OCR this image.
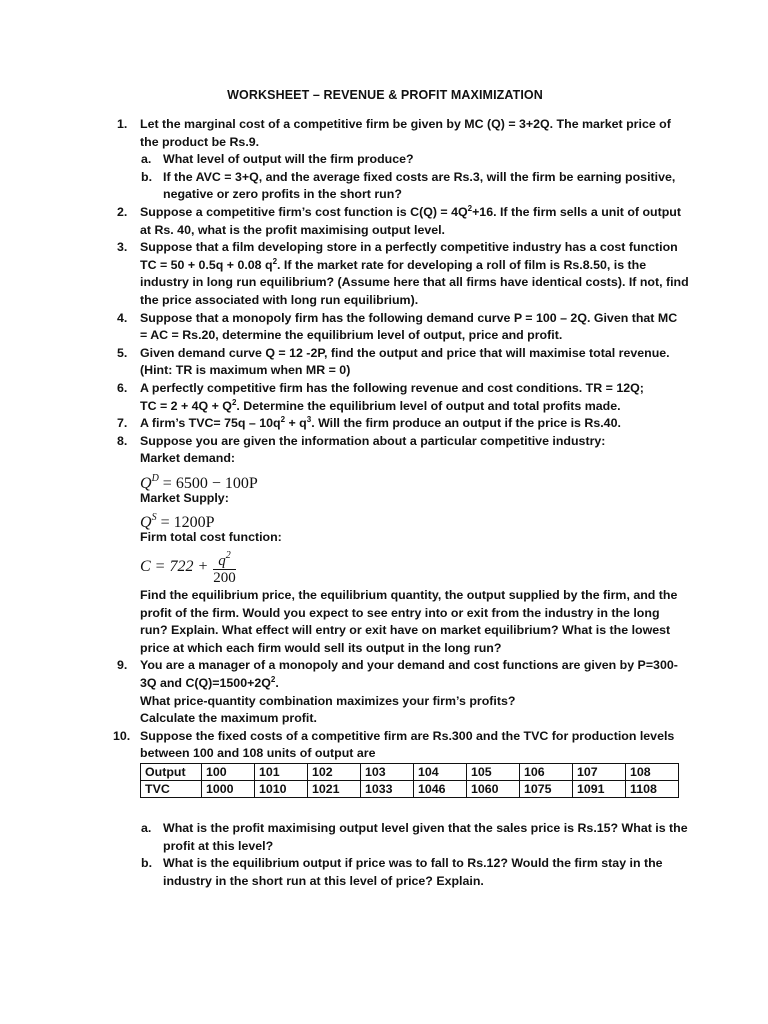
WORKSHEET – REVENUE & PROFIT MAXIMIZATION
1. Let the marginal cost of a competitive firm be given by MC (Q) = 3+2Q. The market price of
the product be Rs.9.
a. What level of output will the firm produce?
b. If the AVC = 3+Q, and the average fixed costs are Rs.3, will the firm be earning positive,
negative or zero profits in the short run?
2. Suppose a competitive firm’s cost function is $C(Q) = 4Q^2+16$. If the firm sells a unit of output
at Rs. 40, what is the profit maximising output level.
3. Suppose that a film developing store in a perfectly competitive industry has a cost function
TC = 50 + 0.5q + 0.08 $q^2$. If the market rate for developing a roll of film is Rs.8.50, is the
industry in long run equilibrium? (Assume here that all firms have identical costs). If not, find
the price associated with long run equilibrium).
4. Suppose that a monopoly firm has the following demand curve P = 100 – 2Q. Given that MC
= AC = Rs.20, determine the equilibrium level of output, price and profit.
5. Given demand curve Q = 12 -2P, find the output and price that will maximise total revenue.
(Hint: TR is maximum when MR = 0)
6. A perfectly competitive firm has the following revenue and cost conditions. TR = 12Q;
TC = $2 + 4Q + Q^2$. Determine the equilibrium level of output and total profits made.
7. A firm’s $TVC= 75q - 10q^2 + q^3$. Will the firm produce an output if the price is Rs.40.
8. Suppose you are given the information about a particular competitive industry:
Market demand:
$Q^D = 6500 - 100P$
Market Supply:
$Q^S = 1200P$
Firm total cost function:
$C = 722 + \frac{q^2}{200}$
Find the equilibrium price, the equilibrium quantity, the output supplied by the firm, and the
profit of the firm. Would you expect to see entry into or exit from the industry in the long
run? Explain. What effect will entry or exit have on market equilibrium? What is the lowest
price at which each firm would sell its output in the long run?
9. You are a manager of a monopoly and your demand and cost functions are given by P=300-
3Q and $C(Q)=1500+2Q^2$.
What price-quantity combination maximizes your firm’s profits?
Calculate the maximum profit.
10. Suppose the fixed costs of a competitive firm are Rs.300 and the TVC for production levels
between 100 and 108 units of output are
Output	100	101	102	103	104	105	106	107	108
TVC	1000	1010	1021	1033	1046	1060	1075	1091	1108
a. What is the profit maximising output level given that the sales price is Rs.15? What is the
profit at this level?
b. What is the equilibrium output if price was to fall to Rs.12? Would the firm stay in the
industry in the short run at this level of price? Explain.
